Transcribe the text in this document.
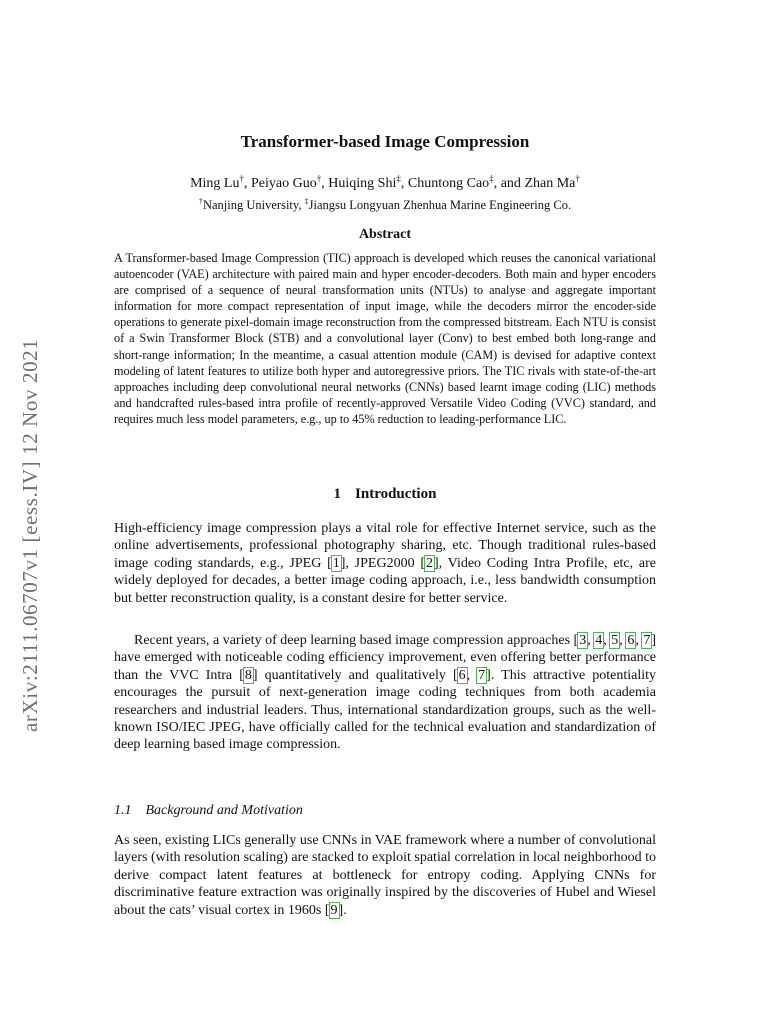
arXiv:2111.06707v1 [eess.IV] 12 Nov 2021
Transformer-based Image Compression
Ming Lu†, Peiyao Guo†, Huiqing Shi‡, Chuntong Cao‡, and Zhan Ma†
†Nanjing University, ‡Jiangsu Longyuan Zhenhua Marine Engineering Co.
Abstract

A Transformer-based Image Compression (TIC) approach is developed which reuses the canonical variational autoencoder (VAE) architecture with paired main and hyper encoder-decoders. Both main and hyper encoders are comprised of a sequence of neural transformation units (NTUs) to analyse and aggregate important information for more compact representation of input image, while the decoders mirror the encoder-side operations to generate pixel-domain image reconstruction from the compressed bitstream. Each NTU is consist of a Swin Transformer Block (STB) and a convolutional layer (Conv) to best embed both long-range and short-range information; In the meantime, a casual attention module (CAM) is devised for adaptive context modeling of latent features to utilize both hyper and autoregressive priors. The TIC rivals with state-of-the-art approaches including deep convolutional neural networks (CNNs) based learnt image coding (LIC) methods and handcrafted rules-based intra profile of recently-approved Versatile Video Coding (VVC) standard, and requires much less model parameters, e.g., up to 45% reduction to leading-performance LIC.

1 Introduction

High-efficiency image compression plays a vital role for effective Internet service, such as the online advertisements, professional photography sharing, etc. Though traditional rules-based image coding standards, e.g., JPEG [1], JPEG2000 [2], Video Coding Intra Profile, etc, are widely deployed for decades, a better image coding approach, i.e., less bandwidth consumption but better reconstruction quality, is a constant desire for better service.

Recent years, a variety of deep learning based image compression approaches [3, 4, 5, 6, 7] have emerged with noticeable coding efficiency improvement, even offering better performance than the VVC Intra [8] quantitatively and qualitatively [6, 7]. This attractive potentiality encourages the pursuit of next-generation image coding techniques from both academia researchers and industrial leaders. Thus, international standardization groups, such as the well-known ISO/IEC JPEG, have officially called for the technical evaluation and standardization of deep learning based image compression.

1.1 Background and Motivation

As seen, existing LICs generally use CNNs in VAE framework where a number of convolutional layers (with resolution scaling) are stacked to exploit spatial correlation in local neighborhood to derive compact latent features at bottleneck for entropy coding. Applying CNNs for discriminative feature extraction was originally inspired by the discoveries of Hubel and Wiesel about the cats’ visual cortex in 1960s [9].
